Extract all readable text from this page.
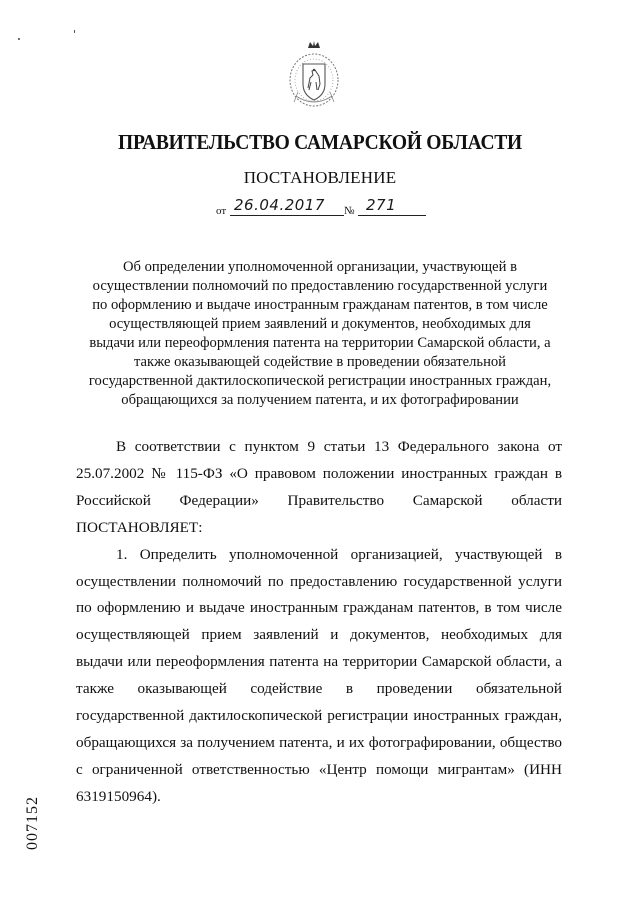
ПРАВИТЕЛЬСТВО САМАРСКОЙ ОБЛАСТИ
ПОСТАНОВЛЕНИЕ
от 26.04.2017 № 271
Об определении уполномоченной организации, участвующей в
осуществлении полномочий по предоставлению государственной услуги
по оформлению и выдаче иностранным гражданам патентов, в том числе
осуществляющей прием заявлений и документов, необходимых для
выдачи или переоформления патента на территории Самарской области, а
также оказывающей содействие в проведении обязательной
государственной дактилоскопической регистрации иностранных граждан,
обращающихся за получением патента, и их фотографировании

В соответствии с пунктом 9 статьи 13 Федерального закона от 25.07.2002 № 115-ФЗ «О правовом положении иностранных граждан в Российской Федерации» Правительство Самарской области

ПОСТАНОВЛЯЕТ:

1. Определить уполномоченной организацией, участвующей в осуществлении полномочий по предоставлению государственной услуги по оформлению и выдаче иностранным гражданам патентов, в том числе осуществляющей прием заявлений и документов, необходимых для выдачи или переоформления патента на территории Самарской области, а также оказывающей содействие в проведении обязательной государственной дактилоскопической регистрации иностранных граждан, обращающихся за получением патента, и их фотографировании, общество с ограниченной ответственностью «Центр помощи мигрантам» (ИНН 6319150964).

007152
